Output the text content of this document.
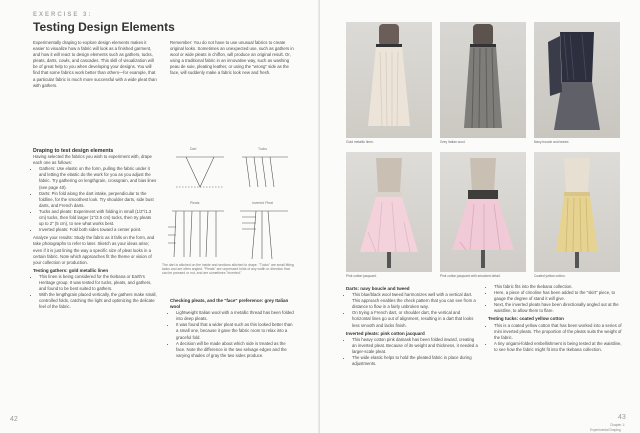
EXERCISE 3:
Testing Design Elements
Experimentally draping to explore design elements makes it easier to visualize how a fabric will look as a finished garment, and how it will react to design elements such as gathers, tucks, pleats, darts, cowls, and cascades. This skill of visualization will be of great help to you when developing your designs. You will find that some fabrics work better than others—for example, that a particular fabric is much more successful with a wide pleat than with gathers.
Remember: You do not have to use unusual fabrics to create original looks. Sometimes an unexpected use, such as gathers in wool or wide pleats in chiffon, will produce an original result. Or, using a traditional fabric in an innovative way, such as washing peau de soie, pleating leather, or using the "wrong" side as the face, will suddenly make a fabric look new and fresh.
Draping to test design elements
Having selected the fabrics you wish to experiment with, drape each one as follows:
• Gathers: Use elastic on the form, pulling the fabric under it and letting the elastic do the work for you as you adjust the fabric. Try gathering on lengthgrain, crossgrain, and bias lines (see page 40).
• Darts: Pin fold along the dart intake, perpendicular to the foldline, for the smoothest look. Try shoulder darts, side bust darts, and French darts.
• Tucks and pleats: Experiment with folding in small (1/2"/1.3 cm) tucks, then fold larger (1"/2.5 cm) tucks, then try pleats up to 2" (5 cm), to see what works best.
• Inverted pleats: Fold both sides toward a center point.
Analyze your results: Study the fabric as it falls on the form, and take photographs to refer to later. Sketch as your ideas arise; even if it is just lining the way a specific size of pleat looks in a certain fabric. Note which approaches fit the theme or vision of your collection or production.
Testing gathers: gold metallic linen
• This linen is being considered for the Ikebana or Earth's Heritage group. It was tested for tucks, pleats, and gathers, and found to be best suited to gathers.
• With the lengthgrain placed vertically, the gathers make small, controlled folds, catching the light and optimizing the delicate feel of the fabric.
Dart	Tucks
Pleats	Inverted Pleat
The dart is stitched on the inside and sections stitched to drape. "Tucks" are small fitting tacks and are often angled. "Pleats" are unpressed folds of any width or direction that can be pressed or not, and are sometimes "inverted."
Checking pleats, and the "face" preference: grey Italian wool
• Lightweight Italian wool with a metallic thread has been folded into deep pleats.
• It was found that a wider pleat such as this looked better than a small one, because it gave the fabric room to relax into a graceful fold.
• A decision will be made about which side is treated as the face. Note the difference in the two selvage edges and the varying shades of gray the two sides produce.
42
Gold metallic linen.	Grey Italian wool.	Navy boucle and tweed.
Pink cotton jacquard.	Pink cotton jacquard with smocked detail.	Coated yellow cotton.
Darts: navy boucle and tweed
• This blue/black wool tweed harmonizes well with a vertical dart. This approach enables the check pattern that you can see from a distance to flow in a fairly unbroken way.
• On trying a French dart, or shoulder dart, the vertical and horizontal lines go out of alignment, resulting in a dart that looks less smooth and lacks finish.
Inverted pleats: pink cotton jacquard
• This heavy cotton pink damask has been folded inward, creating an inverted pleat. Because of its weight and thickness, it needed a larger-scale pleat.
• The wide elastic helps to hold the pleated fabric in place during adjustments.
• This fabric fits into the Ikebana collection.
• Here, a piece of crinoline has been added to the "skirt" piece, to gauge the degree of stand it will give.
• Next, the inverted pleats have been directionally angled out at the waistline, to allow them to flare.
Testing tucks: coated yellow cotton
• This is a coated yellow cotton that has been worked into a series of mini inverted pleats. The proportion of the pleats suits the weight of the fabric.
• A tiny origami-folded embellishment is being tested at the waistline, to see how the fabric might fit into the Ikebana collection.
43
Chapter 1:
Experimental Draping
